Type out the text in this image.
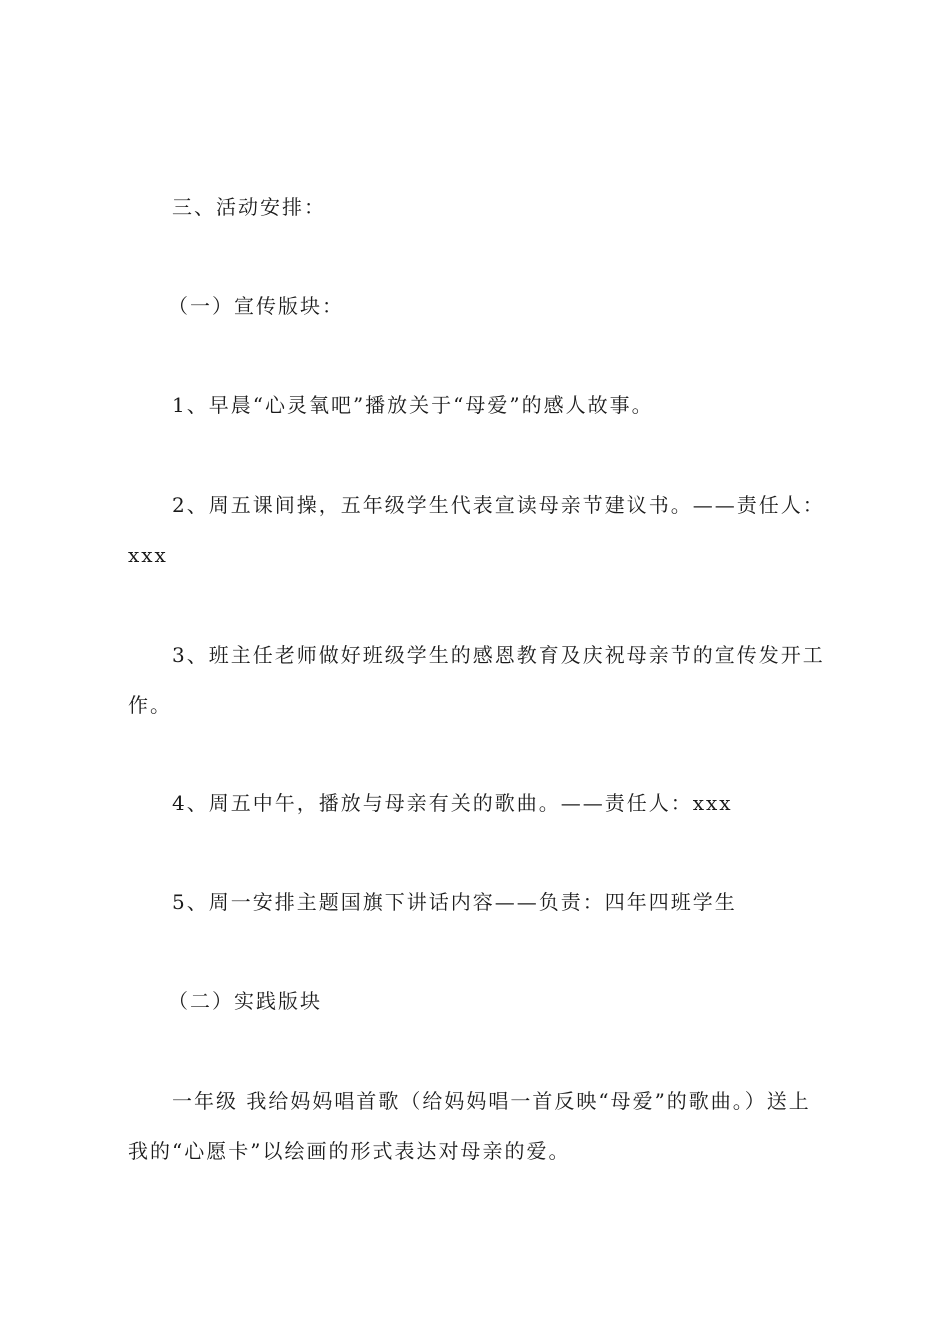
三、活动安排：
（一）宣传版块：
1、早晨“心灵氧吧”播放关于“母爱”的感人故事。
2、周五课间操，五年级学生代表宣读母亲节建议书。——责任人：xxx
3、班主任老师做好班级学生的感恩教育及庆祝母亲节的宣传发开工作。
4、周五中午，播放与母亲有关的歌曲。——责任人：xxx
5、周一安排主题国旗下讲话内容——负责：四年四班学生
（二）实践版块
一年级 我给妈妈唱首歌（给妈妈唱一首反映“母爱”的歌曲。）送上我的“心愿卡”以绘画的形式表达对母亲的爱。
